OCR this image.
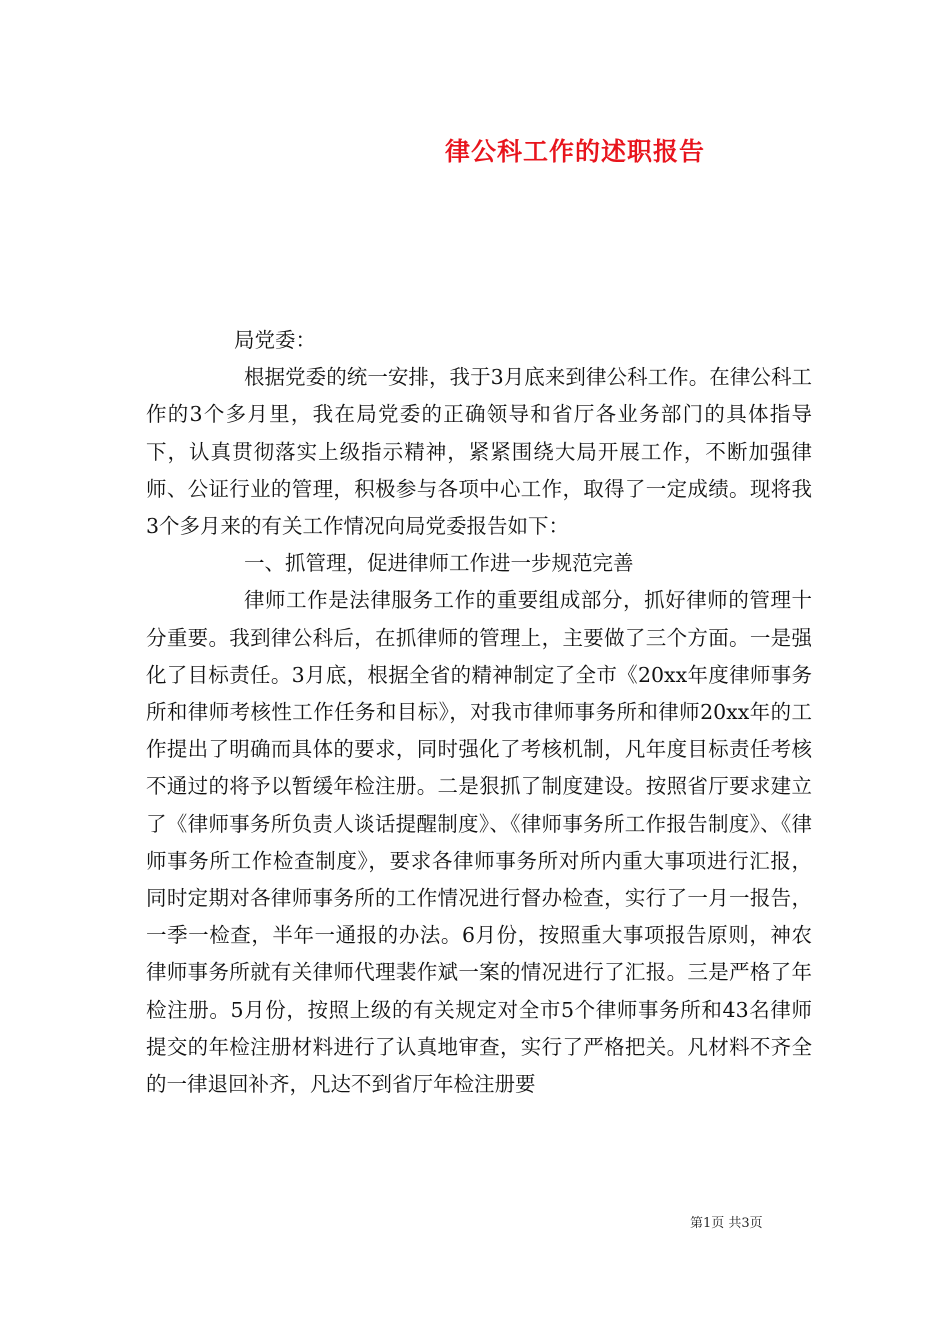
律公科工作的述职报告

局党委：

根据党委的统一安排，我于3月底来到律公科工作。在律公科工作的3个多月里，我在局党委的正确领导和省厅各业务部门的具体指导下，认真贯彻落实上级指示精神，紧紧围绕大局开展工作，不断加强律师、公证行业的管理，积极参与各项中心工作，取得了一定成绩。现将我3个多月来的有关工作情况向局党委报告如下：

一、抓管理，促进律师工作进一步规范完善

律师工作是法律服务工作的重要组成部分，抓好律师的管理十分重要。我到律公科后，在抓律师的管理上，主要做了三个方面。一是强化了目标责任。3月底，根据全省的精神制定了全市《20xx年度律师事务所和律师考核性工作任务和目标》，对我市律师事务所和律师20xx年的工作提出了明确而具体的要求，同时强化了考核机制，凡年度目标责任考核不通过的将予以暂缓年检注册。二是狠抓了制度建设。按照省厅要求建立了《律师事务所负责人谈话提醒制度》、《律师事务所工作报告制度》、《律师事务所工作检查制度》，要求各律师事务所对所内重大事项进行汇报，同时定期对各律师事务所的工作情况进行督办检查，实行了一月一报告，一季一检查，半年一通报的办法。6月份，按照重大事项报告原则，神农律师事务所就有关律师代理裴作斌一案的情况进行了汇报。三是严格了年检注册。5月份，按照上级的有关规定对全市5个律师事务所和43名律师提交的年检注册材料进行了认真地审查，实行了严格把关。凡材料不齐全的一律退回补齐，凡达不到省厅年检注册要

第1页 共3页
